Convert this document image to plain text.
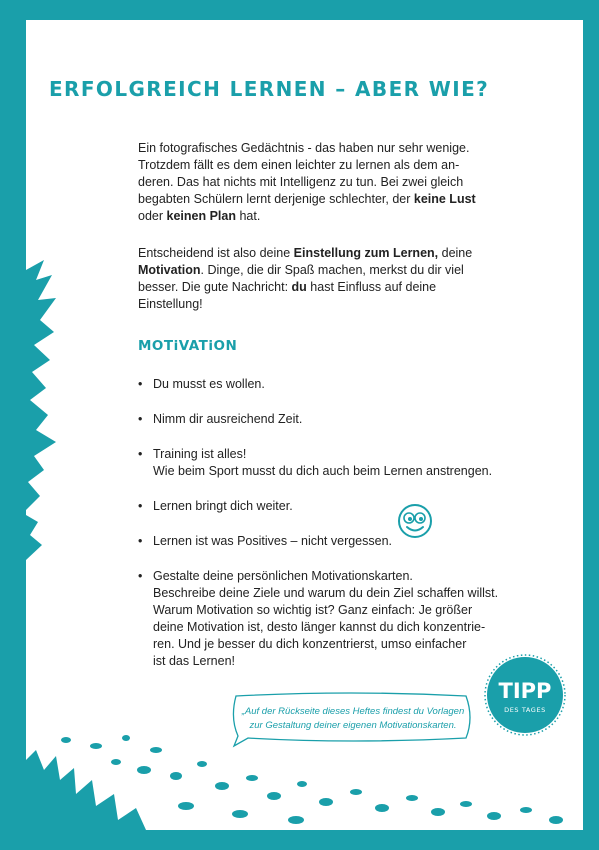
ERFOLGREICH LERNEN – ABER WIE?

Ein fotografisches Gedächtnis - das haben nur sehr wenige. Trotzdem fällt es dem einen leichter zu lernen als dem anderen. Das hat nichts mit Intelligenz zu tun. Bei zwei gleich begabten Schülern lernt derjenige schlechter, der keine Lust oder keinen Plan hat.

Entscheidend ist also deine Einstellung zum Lernen, deine Motivation. Dinge, die dir Spaß machen, merkst du dir viel besser. Die gute Nachricht: du hast Einfluss auf deine Einstellung!

MOTiVATiON
• Du musst es wollen.
• Nimm dir ausreichend Zeit.
• Training ist alles!
Wie beim Sport musst du dich auch beim Lernen anstrengen.
• Lernen bringt dich weiter.
• Lernen ist was Positives – nicht vergessen.
• Gestalte deine persönlichen Motivationskarten.
Beschreibe deine Ziele und warum du dein Ziel schaffen willst.
Warum Motivation so wichtig ist? Ganz einfach: Je größer
deine Motivation ist, desto länger kannst du dich konzentrie-
ren. Und je besser du dich konzentrierst, umso einfacher
ist das Lernen!
„Auf der Rückseite dieses Heftes findest du Vorlagen
zur Gestaltung deiner eigenen Motivationskarten.
TIPP
DES TAGES
